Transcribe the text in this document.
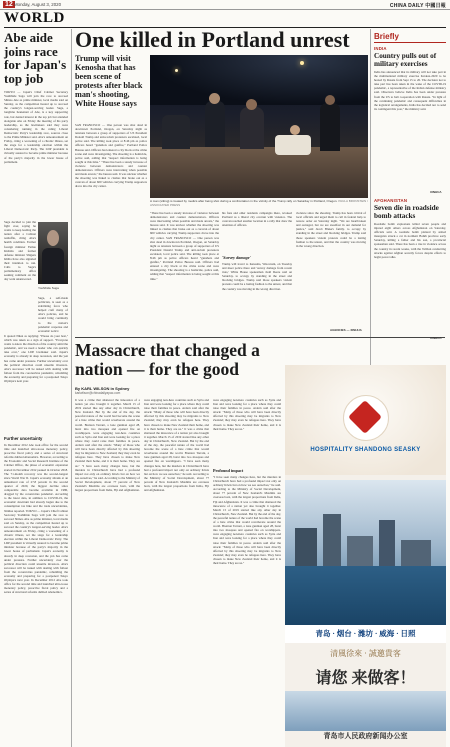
12 Monday, August 3, 2020	CHINA DAILY 中國日報
WORLD
Abe aide joins race for Japan's top job
TOKYO — Japan's Chief Cabinet Secretary Yoshihide Suga will join the race to succeed Shinzo Abe as prime minister, local media said on Sunday, as the competition heated up to succeed the country's longest-serving leader. Suga, a longtime lieutenant of Abe, is a key supporting role, but denied interest in the top job but attended alongside Abe on Friday the meeting of his party leadership, as the lawmakers said they were considering running in the ruling Liberal Democratic Party's leadership race, sources close to the Prime Minister said. Abe's announcement on Friday, citing a worsening of a chronic illness, set the stage for a leadership election within the Liberal Democratic Party. The LDP president is virtually assured to become prime minister because of the party's majority in the lower house of parliament.
Suga decided to join the fight over, saying he wants to keep leading the nation after a Cabinet reshuffle, citing Abe's health condition. Former foreign minister Fumio Kishida and former defense minister Shigeru Ishiba have also signaled their intention to run. Calls to Suga's parliamentary office seeking comment on the day went unanswered.
Yoshihide Suga
Suga, a self-made politician, is seen as a stabilizing force who helped craft many of Abe's policies, and he would bring continuity to the nation's pandemic response and economic policy.
It quoted Nikai as replying: "Please do your best," which was taken as a sign of support. "Everyone wants to know the direction of the country amid the pandemic, and we need a leader who can quickly take over," one LDP lawmaker said. Japan's economy is already in deep recession, and the yen has come under pressure. Further uncertainty over the political direction could unsettle investors. Abe's successor will be tasked with dealing with fallout from the coronavirus pandemic, rebuilding the economy and preparing for a postponed Tokyo Olympics next year.
Further uncertainty
In December 2012 Abe took office for the second time and launched ultra-loose monetary policy, proactive fiscal policy and a series of structural reforms dubbed Abenomics. However, according to the Economic and Social Research Institute of the Cabinet Office, the phase of economic expansion started in November 2012 peaked in October 2018. The 71-month recovery was the second-longest since World War II. Japan's economy shrank at an annualized rate of 27.8 percent in the second quarter of 2020, the biggest decline since comparable data became available in 1980, dragged by the coronavirus pandemic. According to the latest data, in addition to COVID-19, the economic downturn had already begun due to the consumption tax hike and the trade uncertainties, Xinhua reported. TOKYO — Japan's Chief Cabinet Secretary Yoshihide Suga will join the race to succeed Shinzo Abe as prime minister, local media said on Sunday, as the competition heated up to succeed the country's longest-serving leader. Abe's announcement on Friday, citing a worsening of a chronic illness, set the stage for a leadership election within the Liberal Democratic Party. The LDP president is virtually assured to become prime minister because of the party's majority in the lower house of parliament. Japan's economy is already in deep recession, and the yen has come under pressure. Further uncertainty over the political direction could unsettle investors. Abe's successor will be tasked with dealing with fallout from the coronavirus pandemic, rebuilding the economy and preparing for a postponed Tokyo Olympics next year. In December 2012 Abe took office for the second time and launched ultra-loose monetary policy, proactive fiscal policy and a series of structural reforms dubbed Abenomics.
One killed in Portland unrest
Trump will visit Kenosha that has been scene of protests after black man's shooting, White House says
SAN FRANCISCO — One person was shot dead in downtown Portland, Oregon, on Saturday night as tensions between a group of supporters of US President Donald Trump and anti-racism protesters escalated, local police said. The killing took place at 8:46 pm as police officers heard "gunshots and gunfire," Portland Police Bureau said. Officers had entered a city block at the crime scene and were investigating. The shooting is a homicide, police said, adding that "suspect information is being sought at this time." "There has been a steady increase of violence between demonstrators and counter demonstrators. Officers were intervening when possible and made arrests," the bureau said. It was unclear whether the shooting was linked to clashes that broke out as a caravan of about 600 vehicles carrying Trump supporters drove into the city center.
A man (sitting) is treated by medics after being shot during a confrontation in the vicinity of the Trump rally on Saturday in Portland, Oregon. PAULA BRONSTEIN / ASSOCIATED PRESS
"There has been a steady increase of violence between demonstrators and counter demonstrators. Officers were intervening when possible and made arrests," the bureau said. It was unclear whether the shooting was linked to clashes that broke out as a caravan of about 600 vehicles carrying Trump supporters drove into the city center. SAN FRANCISCO — One person was shot dead in downtown Portland, Oregon, on Saturday night as tensions between a group of supporters of US President Donald Trump and anti-racism protesters escalated, local police said. The killing took place at 8:46 pm as police officers heard "gunshots and gunfire," Portland Police Bureau said. Officers had entered a city block at the crime scene and were investigating. The shooting is a homicide, police said, adding that "suspect information is being sought at this time."
his fans and other residents campaigns there, revoked Portland as a liberal city overrun with violence. The caravan reached another location in a rally that drew the attention of officers.
'Survey damage'
Trump will travel to Kenosha, Wisconsin, on Tuesday and meet police there and 'survey damage from recent riots,' White House spokesman Judd Deere said on Saturday. to occupy by standing in the street and blocking bridges. Trump said those speakers violent protests could be a lasting fashion to the unrest, and that the country was moving in the wrong direction.
violence since the shooting. Trump has been critical of local officials and urged them to call in federal help to restore order on Saturday night. "We are heartbroken and outraged, but we are steadfast in our demand for justice," said Jacob Blake's family. to occupy by standing in the street and blocking bridges. Trump said those speakers violent protests could be a lasting fashion to the unrest, and that the country was moving in the wrong direction.
AGENCIES — XINHUA
Briefly
INDIA
Country pulls out of military exercises
India has announced that its military will not take part in the multinational military exercise Kavkaz-2020 to be hosted by Russia from Sept 15 to 26. The decision not to take part has been taken in the wake of the COVID-19 pandemic, a representative of the Indian defense ministry said. Observers believe India has been under pressure from the US to halt cooperation with Russia. "In light of the continuing pandemic and consequent difficulties in the logistical arrangements, India has decided not to send its contingent this year," the ministry said.
XINHUA
AFGHANISTAN
Seven die in roadside bomb attacks
Roadside bomb explosions killed seven people and injured eight others across Afghanistan on Saturday, officials said. A roadside bomb planted by armed insurgents struck a car in northern Balkh province early Saturday, killing a father and his son, a provincial spokesman said. There has been a rise in violence across the country in recent weeks, with the Taliban conducting attacks against Afghan security forces despite efforts to begin peace talks.
XINHUA
Massacre that changed a nation — for the good
By KARL WILSON in Sydney
karlwilson@chinadailyapac.com
It was a crime that shattered the innocence of a nation yet also brought it together. March 15 of 2019 started like any other day in Christchurch, New Zealand. But by the end of the day, the peaceful nature of the world had become the scene of a hate crime that would reverberate around the world. Brenton Tarrant, a lone gunman aged 28, burst into two mosques and opened fire on worshippers. were engaging non-hero countries such as Syria and Iran and were looking for a place where they could raise their families in peace. Ardern said after the attack: "Many of those who will have been directly affected by this shooting may be migrants to New Zealand; they may even be refugees here. They have chosen to make New Zealand their home, and it is their home. They are us." "I have seen many changes here, but the murders in Christchurch have had a profound impact not only on ordinary Kiwis but on how we see ourselves," he said. According to the Ministry of Social Development, about 77 percent of New Zealand's Muslims are overseas born, with the largest proportions from India, Fiji and Afghanistan.
were engaging non-hero countries such as Syria and Iran and were looking for a place where they could raise their families in peace. Ardern said after the attack: "Many of those who will have been directly affected by this shooting may be migrants to New Zealand; they may even be refugees here. They have chosen to make New Zealand their home, and it is their home. They are us." It was a crime that shattered the innocence of a nation yet also brought it together. March 15 of 2019 started like any other day in Christchurch, New Zealand. But by the end of the day, the peaceful nature of the world had become the scene of a hate crime that would reverberate around the world. Brenton Tarrant, a lone gunman aged 28, burst into two mosques and opened fire on worshippers. "I have seen many changes here, but the murders in Christchurch have had a profound impact not only on ordinary Kiwis but on how we see ourselves," he said. According to the Ministry of Social Development, about 77 percent of New Zealand's Muslims are overseas born, with the largest proportions from India, Fiji and Afghanistan.
were engaging non-hero countries such as Syria and Iran and were looking for a place where they could raise their families in peace. Ardern said after the attack: "Many of those who will have been directly affected by this shooting may be migrants to New Zealand; they may even be refugees here. They have chosen to make New Zealand their home, and it is their home. They are us."
Profound impact
"I have seen many changes here, but the murders in Christchurch have had a profound impact not only on ordinary Kiwis but on how we see ourselves," he said. According to the Ministry of Social Development, about 77 percent of New Zealand's Muslims are overseas born, with the largest proportions from India, Fiji and Afghanistan. It was a crime that shattered the innocence of a nation yet also brought it together. March 15 of 2019 started like any other day in Christchurch, New Zealand. But by the end of the day, the peaceful nature of the world had become the scene of a hate crime that would reverberate around the world. Brenton Tarrant, a lone gunman aged 28, burst into two mosques and opened fire on worshippers. were engaging non-hero countries such as Syria and Iran and were looking for a place where they could raise their families in peace. Ardern said after the attack: "Many of those who will have been directly affected by this shooting may be migrants to New Zealand; they may even be refugees here. They have chosen to make New Zealand their home, and it is their home. They are us."
HOSPITALITY SHANDONG SEASKY
青岛 · 烟台 · 潍坊 · 威海 · 日照
清風徐來 · 誠邀貴客
请您 来做客！
青岛市人民政府新闻办公室
